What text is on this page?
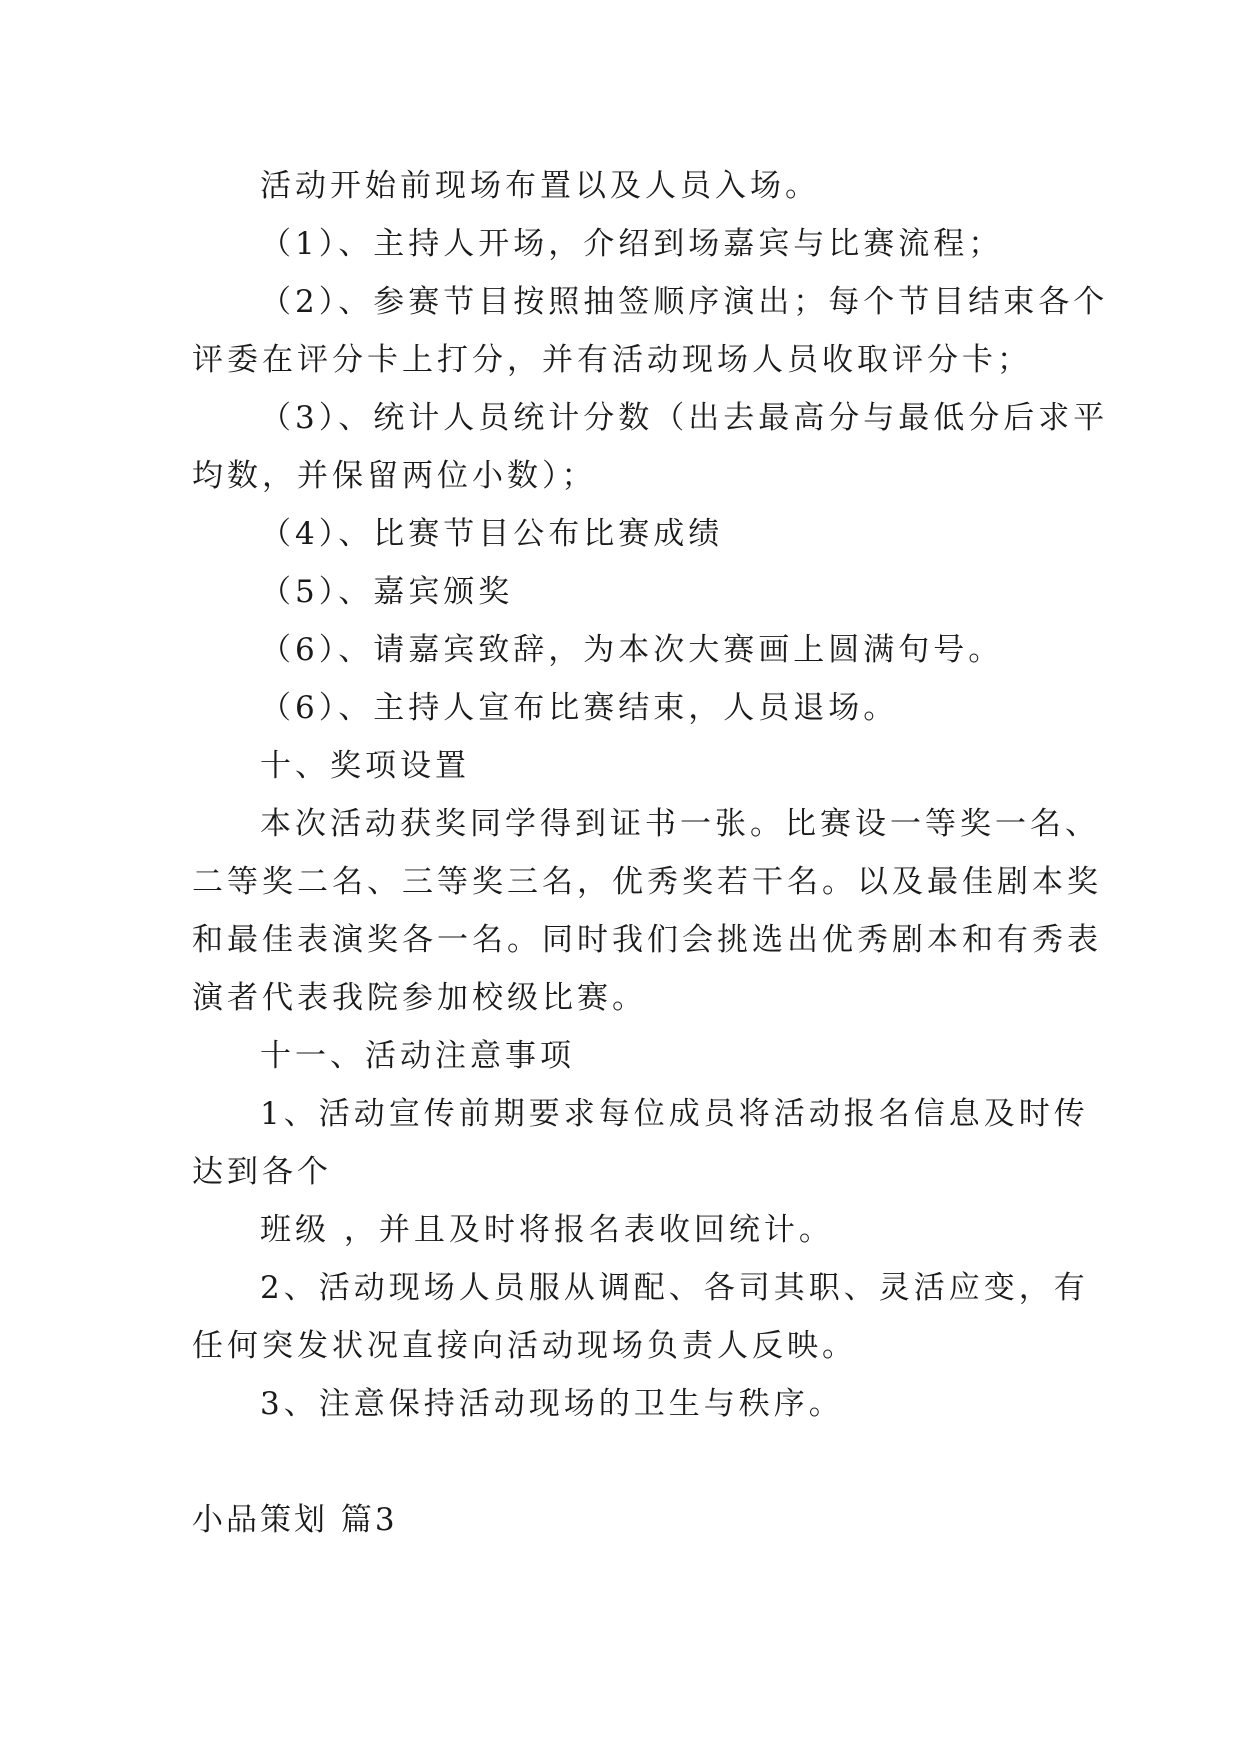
活动开始前现场布置以及人员入场。
（1）、主持人开场，介绍到场嘉宾与比赛流程；
（2）、参赛节目按照抽签顺序演出；每个节目结束各个
评委在评分卡上打分，并有活动现场人员收取评分卡；
（3）、统计人员统计分数（出去最高分与最低分后求平
均数，并保留两位小数）；
（4）、比赛节目公布比赛成绩
（5）、嘉宾颁奖
（6）、请嘉宾致辞，为本次大赛画上圆满句号。
（6）、主持人宣布比赛结束，人员退场。
十、奖项设置
本次活动获奖同学得到证书一张。比赛设一等奖一名、
二等奖二名、三等奖三名，优秀奖若干名。以及最佳剧本奖
和最佳表演奖各一名。同时我们会挑选出优秀剧本和有秀表
演者代表我院参加校级比赛。
十一、活动注意事项
1、活动宣传前期要求每位成员将活动报名信息及时传
达到各个
班级 ，并且及时将报名表收回统计。
2、活动现场人员服从调配、各司其职、灵活应变，有
任何突发状况直接向活动现场负责人反映。
3、注意保持活动现场的卫生与秩序。
小品策划 篇3
